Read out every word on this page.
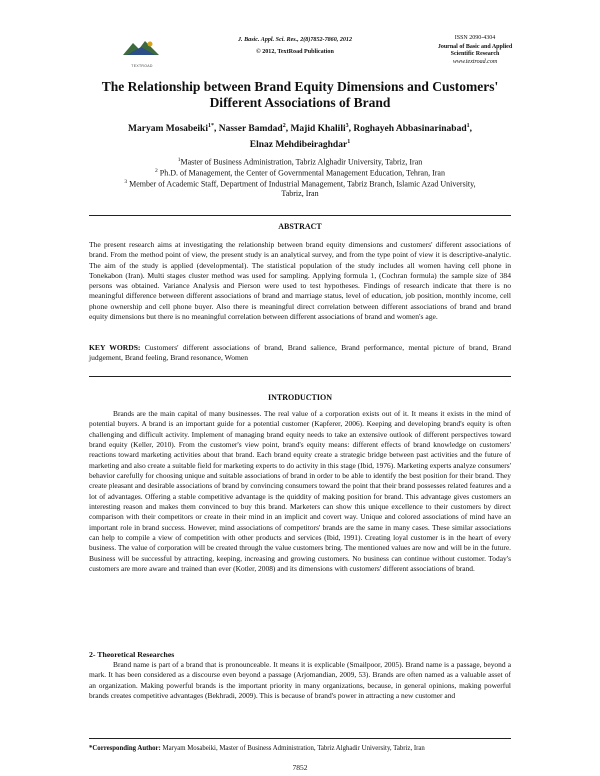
TEXTROAD
J. Basic. Appl. Sci. Res., 2(8)7852-7860, 2012
© 2012, TextRoad Publication
ISSN 2090-4304
Journal of Basic and Applied
Scientific Research
www.textroad.com
The Relationship between Brand Equity Dimensions and Customers'
Different Associations of Brand
Maryam Mosabeiki$^{1*}$, Nasser Bamdad$^2$, Majid Khalili$^3$, Roghayeh Abbasinarinabad$^1$,
Elnaz Mehdibeiraghdar$^1$
$^1$Master of Business Administration, Tabriz Alghadir University, Tabriz, Iran
$^2$ Ph.D. of Management, the Center of Governmental Management Education, Tehran, Iran
$^3$ Member of Academic Staff, Department of Industrial Management, Tabriz Branch, Islamic Azad University,
Tabriz, Iran
ABSTRACT
The present research aims at investigating the relationship between brand equity dimensions and customers' different associations of brand. From the method point of view, the present study is an analytical survey, and from the type point of view it is descriptive-analytic. The aim of the study is applied (developmental). The statistical population of the study includes all women having cell phone in Tonekabon (Iran). Multi stages cluster method was used for sampling. Applying formula 1, (Cochran formula) the sample size of 384 persons was obtained. Variance Analysis and Pierson were used to test hypotheses. Findings of research indicate that there is no meaningful difference between different associations of brand and marriage status, level of education, job position, monthly income, cell phone ownership and cell phone buyer. Also there is meaningful direct correlation between different associations of brand and brand equity dimensions but there is no meaningful correlation between different associations of brand and women's age.
KEY WORDS: Customers' different associations of brand, Brand salience, Brand performance, mental picture of brand, Brand judgement, Brand feeling, Brand resonance, Women
INTRODUCTION
Brands are the main capital of many businesses. The real value of a corporation exists out of it. It means it exists in the mind of potential buyers. A brand is an important guide for a potential customer (Kapferer, 2006). Keeping and developing brand's equity is often challenging and difficult activity. Implement of managing brand equity needs to take an extensive outlook of different perspectives toward brand equity (Keller, 2010). From the customer's view point, brand's equity means: different effects of brand knowledge on customers' reactions toward marketing activities about that brand. Each brand equity create a strategic bridge between past activities and the future of marketing and also create a suitable field for marketing experts to do activity in this stage (Ibid, 1976). Marketing experts analyze consumers' behavior carefully for choosing unique and suitable associations of brand in order to be able to identify the best position for their brand. They create pleasant and desirable associations of brand by convincing consumers toward the point that their brand possesses related features and a lot of advantages. Offering a stable competitive advantage is the quiddity of making position for brand. This advantage gives customers an interesting reason and makes them convinced to buy this brand. Marketers can show this unique excellence to their customers by direct comparison with their competitors or create in their mind in an implicit and covert way. Unique and colored associations of mind have an important role in brand success. However, mind associations of competitors' brands are the same in many cases. These similar associations can help to compile a view of competition with other products and services (Ibid, 1991). Creating loyal customer is in the heart of every business. The value of corporation will be created through the value customers bring. The mentioned values are now and will be in the future. Business will be successful by attracting, keeping, increasing and growing customers. No business can continue without customer. Today's customers are more aware and trained than ever (Kotler, 2008) and its dimensions with customers' different associations of brand.
2- Theoretical Researches
Brand name is part of a brand that is pronounceable. It means it is explicable (Smailpoor, 2005). Brand name is a passage, beyond a mark. It has been considered as a discourse even beyond a passage (Arjomandian, 2009, 53). Brands are often named as a valuable asset of an organization. Making powerful brands is the important priority in many organizations, because, in general opinions, making powerful brands creates competitive advantages (Bekhradi, 2009). This is because of brand's power in attracting a new customer and
*Corresponding Author: Maryam Mosabeiki, Master of Business Administration, Tabriz Alghadir University, Tabriz, Iran
7852
